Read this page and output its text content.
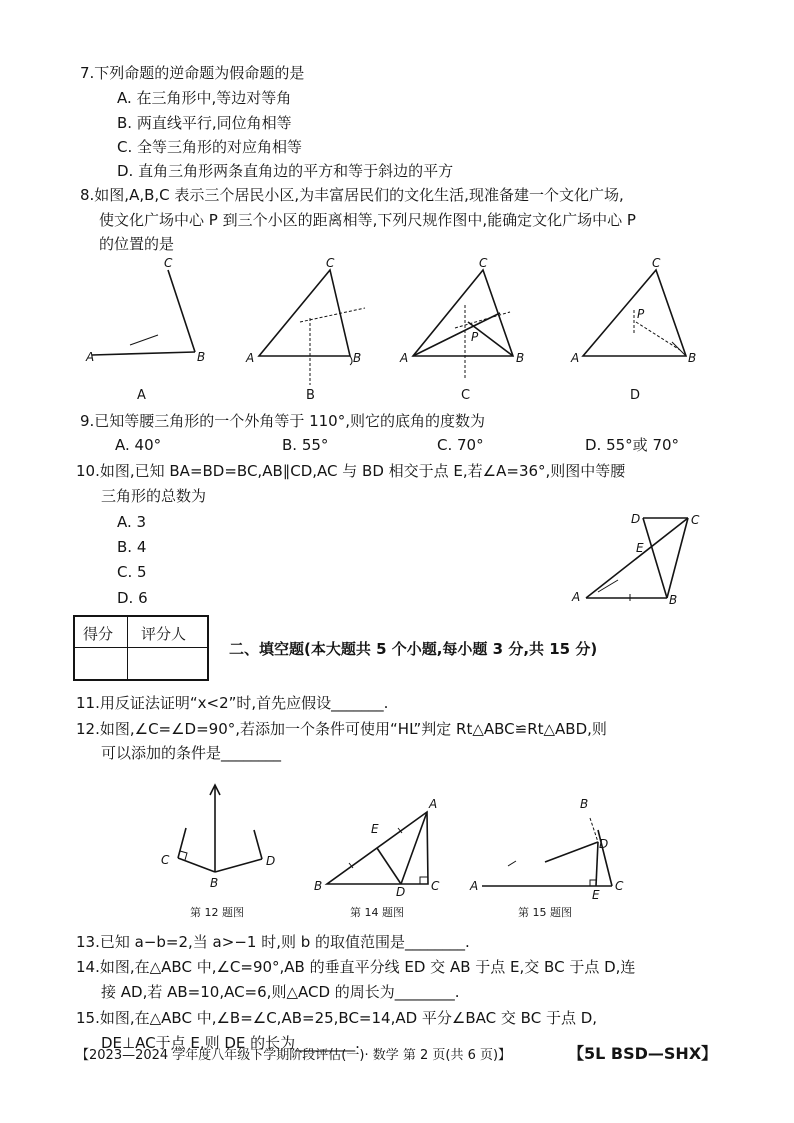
7.下列命题的逆命题为假命题的是
A. 在三角形中,等边对等角
B. 两直线平行,同位角相等
C. 全等三角形的对应角相等
D. 直角三角形两条直角边的平方和等于斜边的平方
8.如图,A,B,C 表示三个居民小区,为丰富居民们的文化生活,现准备建一个文化广场,
使文化广场中心 P 到三个小区的距离相等,下列尺规作图中,能确定文化广场中心 P
的位置的是
C
A	B
C
A	B
C
A	B
P
C
A	B
P
A	B	C	D
9.已知等腰三角形的一个外角等于 110°,则它的底角的度数为
A. 40°	B. 55°	C. 70°	D. 55°或 70°
10.如图,已知 BA=BD=BC,AB∥CD,AC 与 BD 相交于点 E,若∠A=36°,则图中等腰
三角形的总数为
A. 3
B. 4
C. 5
D. 6
D	C
E
A	B
得分 评分人
二、填空题(本大题共 5 个小题,每小题 3 分,共 15 分)
11.用反证法证明“x<2”时,首先应假设_______.
12.如图,∠C=∠D=90°,若添加一个条件可使用“HL”判定 Rt△ABC≌Rt△ABD,则
可以添加的条件是________
C
B
D
A
E
B	D C
B
D
A
E
C
第 12 题图	第 14 题图	第 15 题图
13.已知 a−b=2,当 a>−1 时,则 b 的取值范围是________.
14.如图,在△ABC 中,∠C=90°,AB 的垂直平分线 ED 交 AB 于点 E,交 BC 于点 D,连
接 AD,若 AB=10,AC=6,则△ACD 的周长为________.
15.如图,在△ABC 中,∠B=∠C,AB=25,BC=14,AD 平分∠BAC 交 BC 于点 D,
DE⊥AC于点 E,则 DE 的长为________.
【2023—2024 学年度八年级下学期阶段评估(一)· 数学 第 2 页(共 6 页)】	【5L BSD—SHX】
